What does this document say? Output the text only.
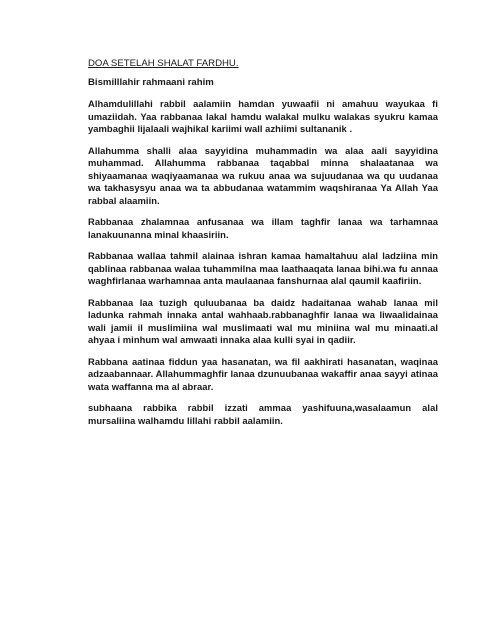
DOA SETELAH SHALAT FARDHU.
Bismilllahir rahmaani rahim

Alhamdulillahi rabbil aalamiin hamdan yuwaafii ni amahuu wayukaa fi umaziidah. Yaa rabbanaa lakal hamdu walakal mulku walakas syukru kamaa yambaghii lijalaali wajhikal kariimi wall azhiimi sultananik .

Allahumma shalli alaa sayyidina muhammadin wa alaa aali sayyidina muhammad. Allahumma rabbanaa taqabbal minna shalaatanaa wa shiyaamanaa waqiyaamanaa wa rukuu anaa wa sujuudanaa wa qu uudanaa wa takhasysyu anaa wa ta abbudanaa watammim waqshiranaa Ya Allah Yaa rabbal alaamiin.

Rabbanaa zhalamnaa anfusanaa wa illam taghfir lanaa wa tarhamnaa lanakuunanna minal khaasiriin.

Rabbanaa wallaa tahmil alainaa ishran kamaa hamaltahuu alal ladziina min qablinaa rabbanaa walaa tuhammilna maa laathaaqata lanaa bihi.wa fu annaa waghfirlanaa warhamnaa anta maulaanaa fanshurnaa alal qaumil kaafiriin.

Rabbanaa laa tuzigh quluubanaa ba daidz hadaitanaa wahab lanaa mil ladunka rahmah innaka antal wahhaab.rabbanaghfir lanaa wa liwaalidainaa wali jamii il muslimiina wal muslimaati wal mu miniina wal mu minaati.al ahyaa i minhum wal amwaati innaka alaa kulli syai in qadiir.

Rabbana aatinaa fiddun yaa hasanatan, wa fil aakhirati hasanatan, waqinaa adzaabannaar. Allahummaghfir lanaa dzunuubanaa wakaffir anaa sayyi atinaa wata waffanna ma al abraar.

subhaana rabbika rabbil izzati ammaa yashifuuna,wasalaamun alal mursaliina walhamdu lillahi rabbil aalamiin.
